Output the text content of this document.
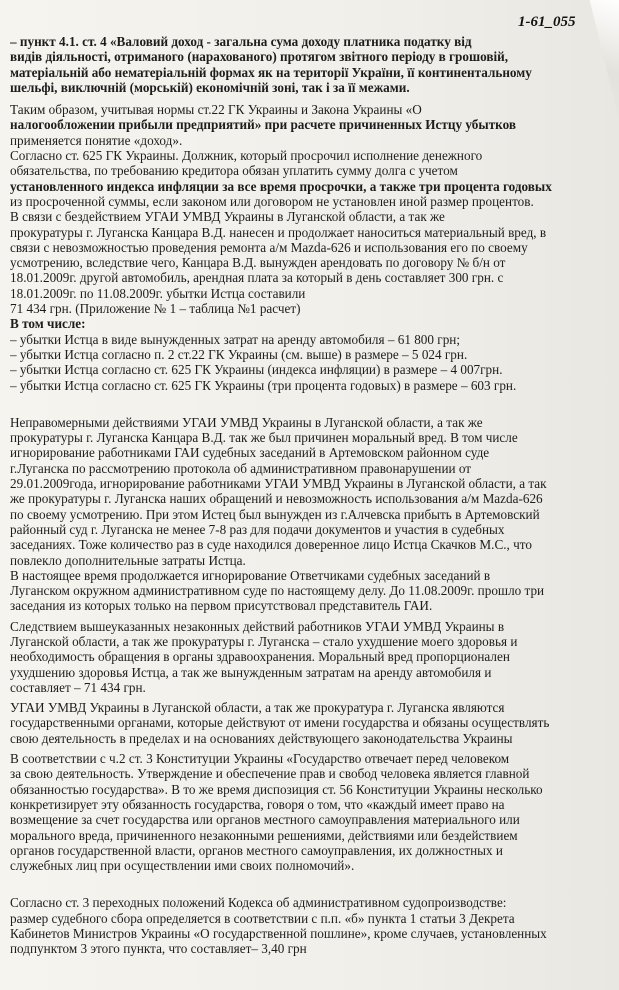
1-61_055
– пункт 4.1. ст. 4 «Валовий доход - загальна сума доходу платника податку від
видів діяльності, отриманого (нарахованого) протягом звітного періоду в грошовій,
матеріальній або нематеріальній формах як на території України, її континентальному
шельфі, виключній (морській) економічній зоні, так і за її межами.
Таким образом, учитывая нормы ст.22 ГК Украины и Закона Украины «О
налогообложении прибыли предприятий» при расчете причиненных Истцу убытков
применяется понятие «доход».
Согласно ст. 625 ГК Украины. Должник, который просрочил исполнение денежного
обязательства, по требованию кредитора обязан уплатить сумму долга с учетом
установленного индекса инфляции за все время просрочки, а также три процента годовых
из просроченной суммы, если законом или договором не установлен иной размер процентов.
В связи с бездействием УГАИ УМВД Украины в Луганской области, а так же
прокуратуры г. Луганска Канцара В.Д. нанесен и продолжает наноситься материальный вред, в
связи с невозможностью проведения ремонта а/м Mazda-626 и использования его по своему
усмотрению, вследствие чего, Канцара В.Д. вынужден арендовать по договору № б/н от
18.01.2009г. другой автомобиль, арендная плата за который в день составляет 300 грн. с
18.01.2009г. по 11.08.2009г. убытки Истца составили
71 434 грн. (Приложение № 1 – таблица №1 расчет)
В том числе:
– убытки Истца в виде вынужденных затрат на аренду автомобиля – 61 800 грн;
– убытки Истца согласно п. 2 ст.22 ГК Украины (см. выше) в размере – 5 024 грн.
– убытки Истца согласно ст. 625 ГК Украины (индекса инфляции) в размере – 4 007грн.
– убытки Истца согласно ст. 625 ГК Украины (три процента годовых) в размере – 603 грн.
Неправомерными действиями УГАИ УМВД Украины в Луганской области, а так же
прокуратуры г. Луганска Канцара В.Д. так же был причинен моральный вред. В том числе
игнорирование работниками ГАИ судебных заседаний в Артемовском районном суде
г.Луганска по рассмотрению протокола об административном правонарушении от
29.01.2009года, игнорирование работниками УГАИ УМВД Украины в Луганской области, а так
же прокуратуры г. Луганска наших обращений и невозможность использования а/м Mazda-626
по своему усмотрению. При этом Истец был вынужден из г.Алчевска прибыть в Артемовский
районный суд г. Луганска не менее 7-8 раз для подачи документов и участия в судебных
заседаниях. Тоже количество раз в суде находился доверенное лицо Истца Скачков М.С., что
повлекло дополнительные затраты Истца.
В настоящее время продолжается игнорирование Ответчиками судебных заседаний в
Луганском окружном административном суде по настоящему делу. До 11.08.2009г. прошло три
заседания из которых только на первом присутствовал представитель ГАИ.
Следствием вышеуказанных незаконных действий работников УГАИ УМВД Украины в
Луганской области, а так же прокуратуры г. Луганска – стало ухудшение моего здоровья и
необходимость обращения в органы здравоохранения. Моральный вред пропорционален
ухудшению здоровья Истца, а так же вынужденным затратам на аренду автомобиля и
составляет – 71 434 грн.
УГАИ УМВД Украины в Луганской области, а так же прокуратура г. Луганска являются
государственными органами, которые действуют от имени государства и обязаны осуществлять
свою деятельность в пределах и на основаниях действующего законодательства Украины
В соответствии с ч.2 ст. 3 Конституции Украины «Государство отвечает перед человеком
за свою деятельность. Утверждение и обеспечение прав и свобод человека является главной
обязанностью государства». В то же время диспозиция ст. 56 Конституции Украины несколько
конкретизирует эту обязанность государства, говоря о том, что «каждый имеет право на
возмещение за счет государства или органов местного самоуправления материального или
морального вреда, причиненного незаконными решениями, действиями или бездействием
органов государственной власти, органов местного самоуправления, их должностных и
служебных лиц при осуществлении ими своих полномочий».
Согласно ст. 3 переходных положений Кодекса об административном судопроизводстве:
размер судебного сбора определяется в соответствии с п.п. «б» пункта 1 статьи 3 Декрета
Кабинетов Министров Украины «О государственной пошлине», кроме случаев, установленных
подпунктом 3 этого пункта, что составляет– 3,40 грн
